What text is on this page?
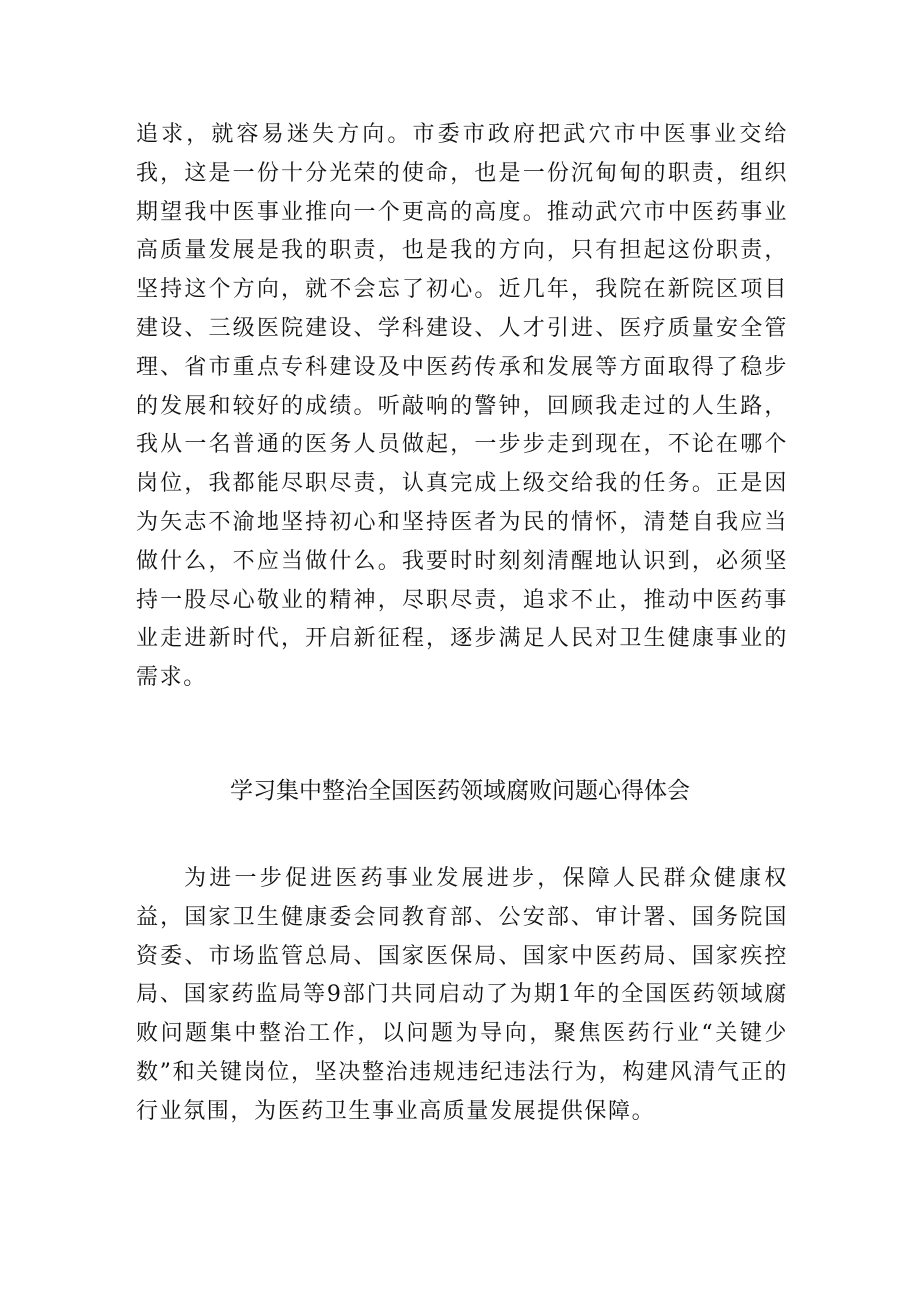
追求，就容易迷失方向。市委市政府把武穴市中医事业交给我，这是一份十分光荣的使命，也是一份沉甸甸的职责，组织期望我中医事业推向一个更高的高度。推动武穴市中医药事业高质量发展是我的职责，也是我的方向，只有担起这份职责，坚持这个方向，就不会忘了初心。近几年，我院在新院区项目建设、三级医院建设、学科建设、人才引进、医疗质量安全管理、省市重点专科建设及中医药传承和发展等方面取得了稳步的发展和较好的成绩。听敲响的警钟，回顾我走过的人生路，我从一名普通的医务人员做起，一步步走到现在，不论在哪个岗位，我都能尽职尽责，认真完成上级交给我的任务。正是因为矢志不渝地坚持初心和坚持医者为民的情怀，清楚自我应当做什么，不应当做什么。我要时时刻刻清醒地认识到，必须坚持一股尽心敬业的精神，尽职尽责，追求不止，推动中医药事业走进新时代，开启新征程，逐步满足人民对卫生健康事业的需求。

学习集中整治全国医药领域腐败问题心得体会

为进一步促进医药事业发展进步，保障人民群众健康权益，国家卫生健康委会同教育部、公安部、审计署、国务院国资委、市场监管总局、国家医保局、国家中医药局、国家疾控局、国家药监局等9部门共同启动了为期1年的全国医药领域腐败问题集中整治工作，以问题为导向，聚焦医药行业“关键少数”和关键岗位，坚决整治违规违纪违法行为，构建风清气正的行业氛围，为医药卫生事业高质量发展提供保障。
